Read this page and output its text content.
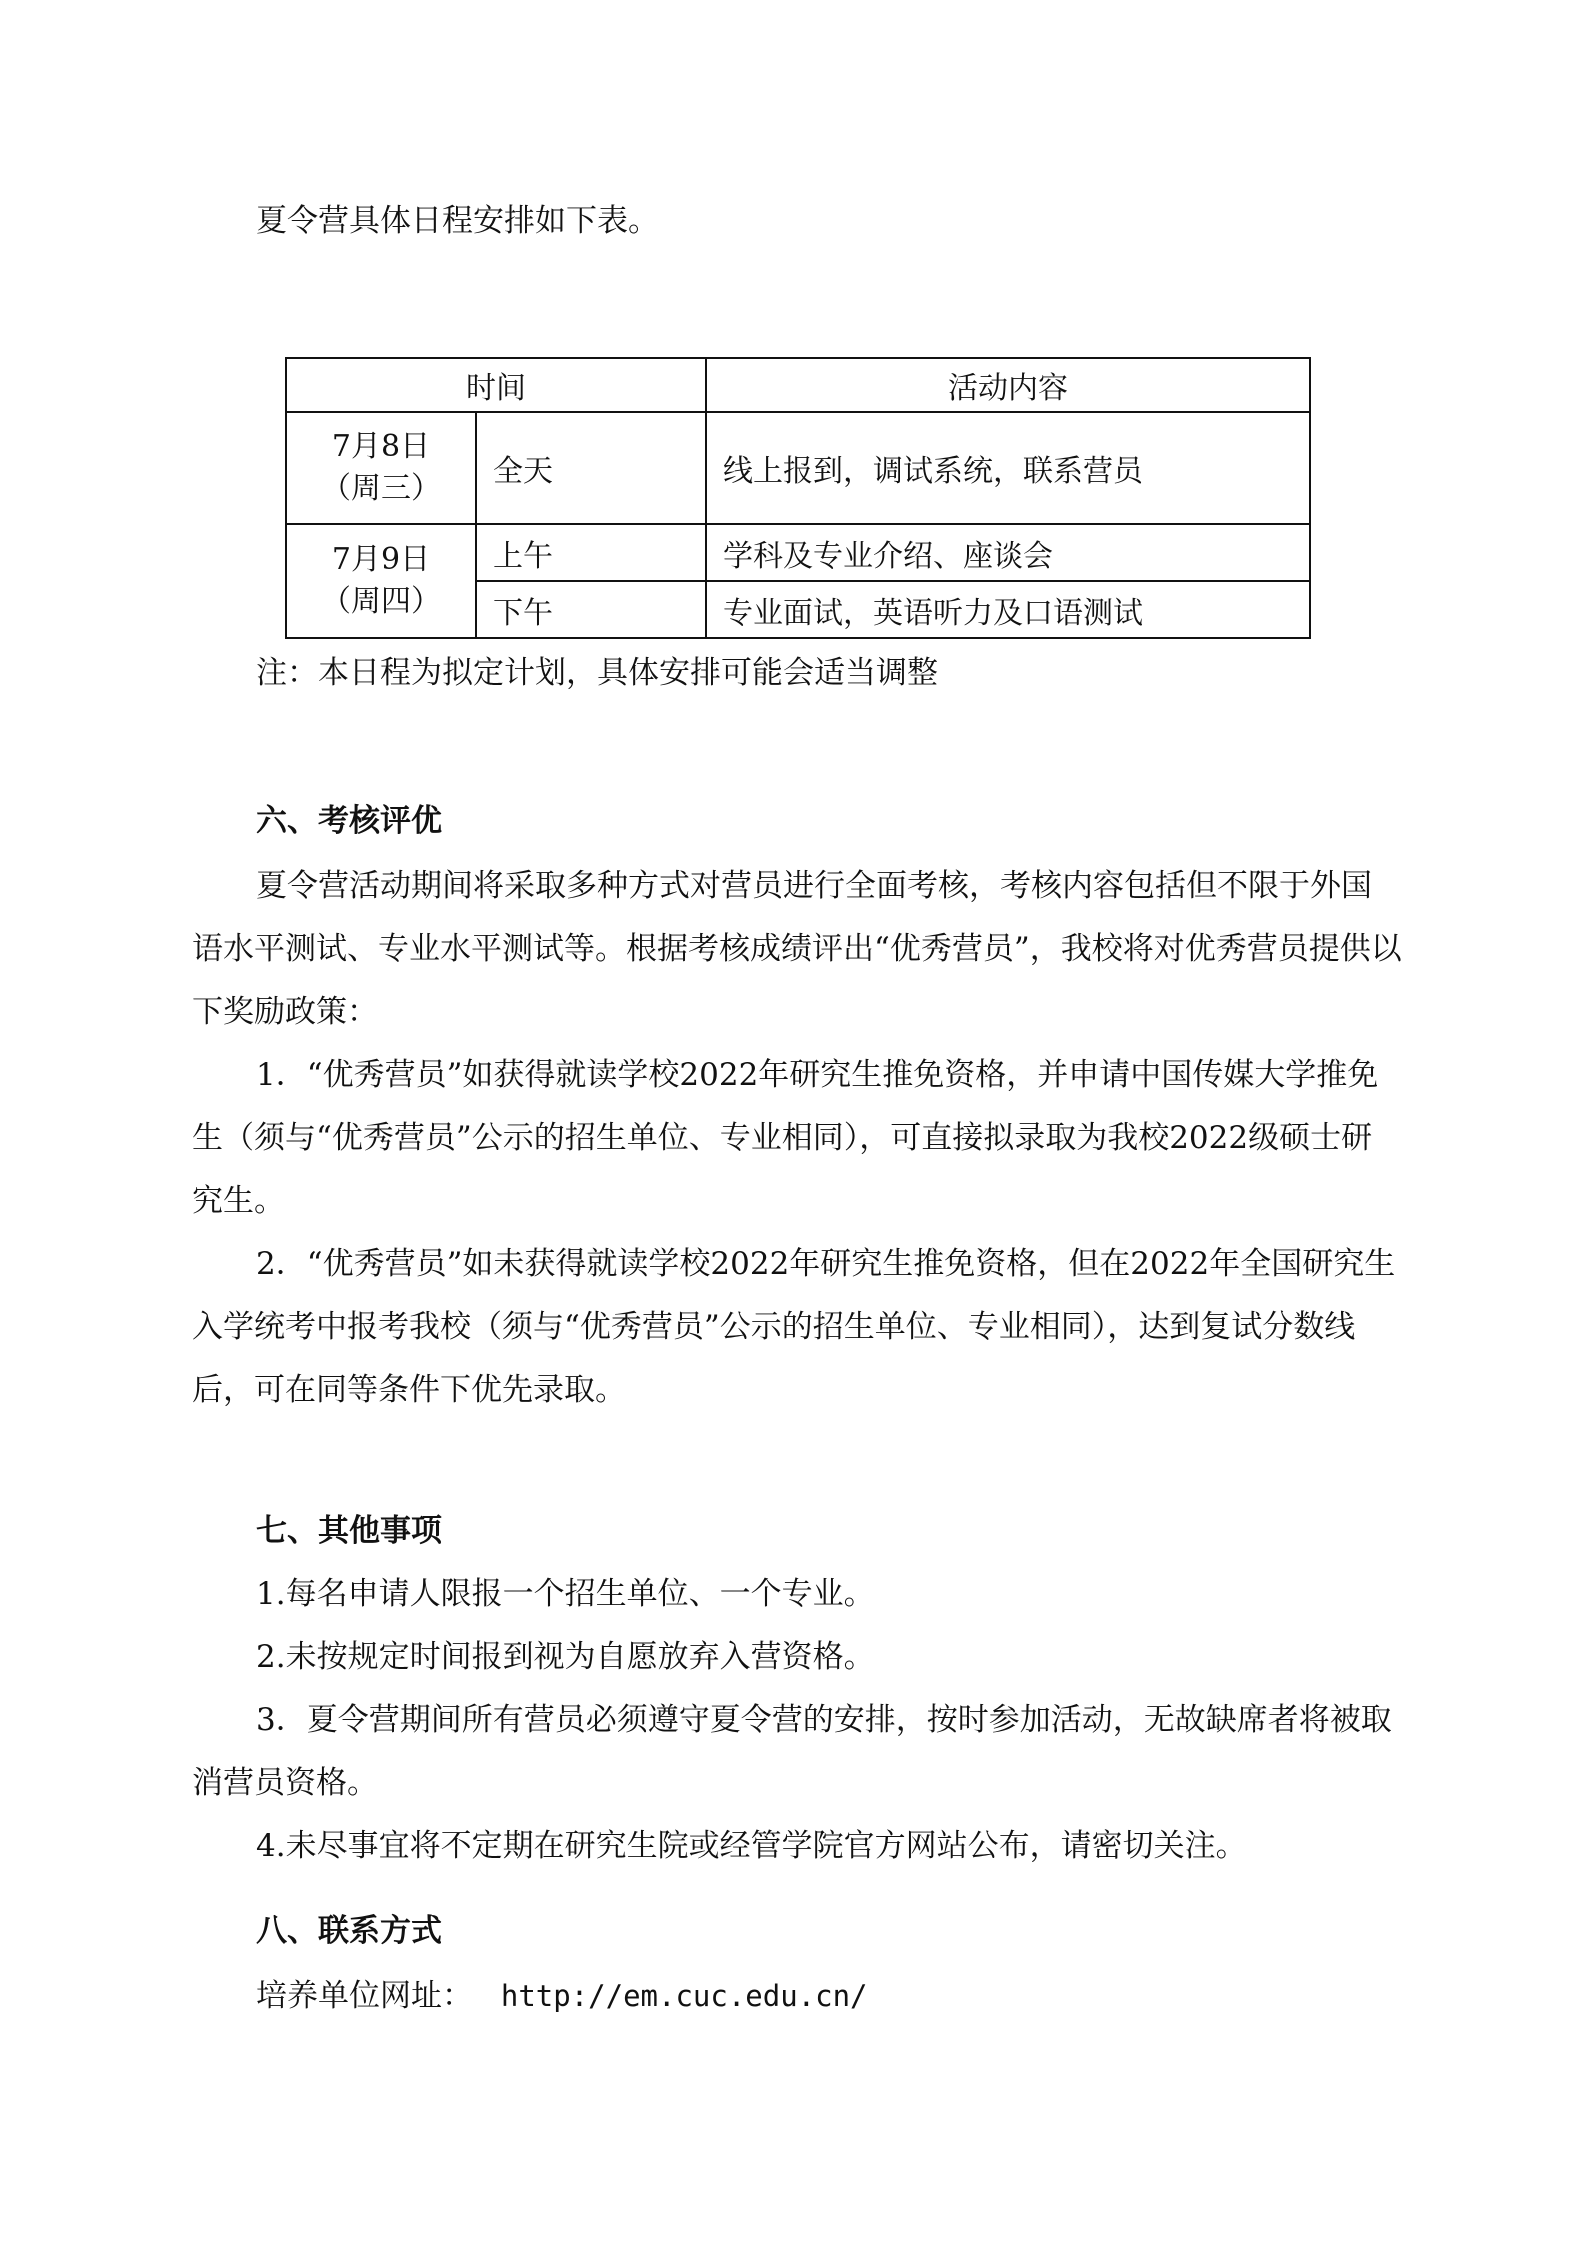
夏令营具体日程安排如下表。
时间		活动内容

7月8日
（周三）	全天	线上报到，调试系统，联系营员

7月9日
（周四）	上午	学科及专业介绍、座谈会
	下午	专业面试，英语听力及口语测试
注：本日程为拟定计划，具体安排可能会适当调整

六、考核评优

夏令营活动期间将采取多种方式对营员进行全面考核，考核内容包括但不限于外国语水平测试、专业水平测试等。根据考核成绩评出“优秀营员”，我校将对优秀营员提供以下奖励政策：

1．“优秀营员”如获得就读学校2022年研究生推免资格，并申请中国传媒大学推免生（须与“优秀营员”公示的招生单位、专业相同），可直接拟录取为我校2022级硕士研究生。

2．“优秀营员”如未获得就读学校2022年研究生推免资格，但在2022年全国研究生入学统考中报考我校（须与“优秀营员”公示的招生单位、专业相同），达到复试分数线后，可在同等条件下优先录取。

七、其他事项

1.每名申请人限报一个招生单位、一个专业。

2.未按规定时间报到视为自愿放弃入营资格。

3．夏令营期间所有营员必须遵守夏令营的安排，按时参加活动，无故缺席者将被取消营员资格。

4.未尽事宜将不定期在研究生院或经管学院官方网站公布，请密切关注。

八、联系方式

培养单位网址： http://em.cuc.edu.cn/
